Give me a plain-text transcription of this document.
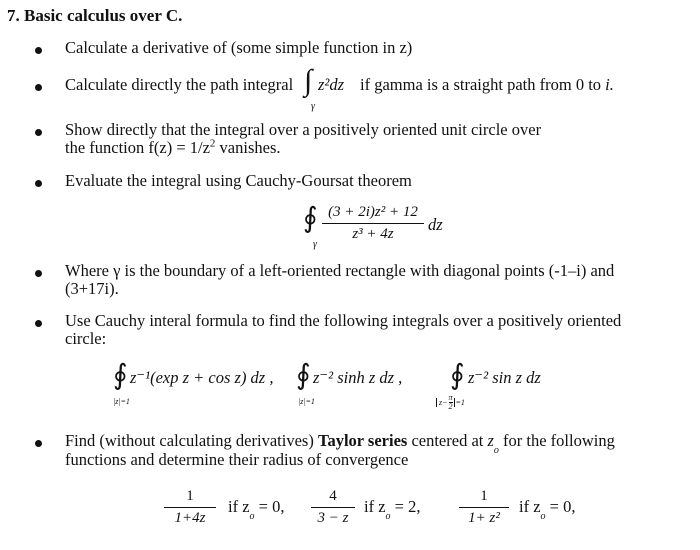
7. Basic calculus over C.
Calculate a derivative of (some simple function in z)
Calculate directly the path integral ∫ z²dz
γ
if gamma is a straight path from 0 to i.
Show directly that the integral over a positively oriented unit circle over
the function $f(z) = 1/z^2$ vanishes.
Evaluate the integral using Cauchy-Goursat theorem
∮ $\frac{\text{(3 + 2i)z² + 12}}{\text{z³ + 4z}}$ dz
γ
Where γ is the boundary of a left-oriented rectangle with diagonal points (-1–i) and
(3+17i).
Use Cauchy interal formula to find the following integrals over a positively oriented
circle:
∮ z⁻¹(exp z + cos z) dz ,
|z|=1
∮ z⁻² sinh z dz ,
|z|=1
∮ z⁻² sin z dz
$z- \frac{\pi}{2} =1$
Find (without calculating derivatives) Taylor series centered at $z_o$ for the following
functions and determine their radius of convergence
$\frac{1}{1+4z}$ if $z_o = 0$, $\frac{4}{3 - z}$ if $z_o = 2$,	$\frac{1}{\text{1+ z²}}$ if $z_o = 0$,
